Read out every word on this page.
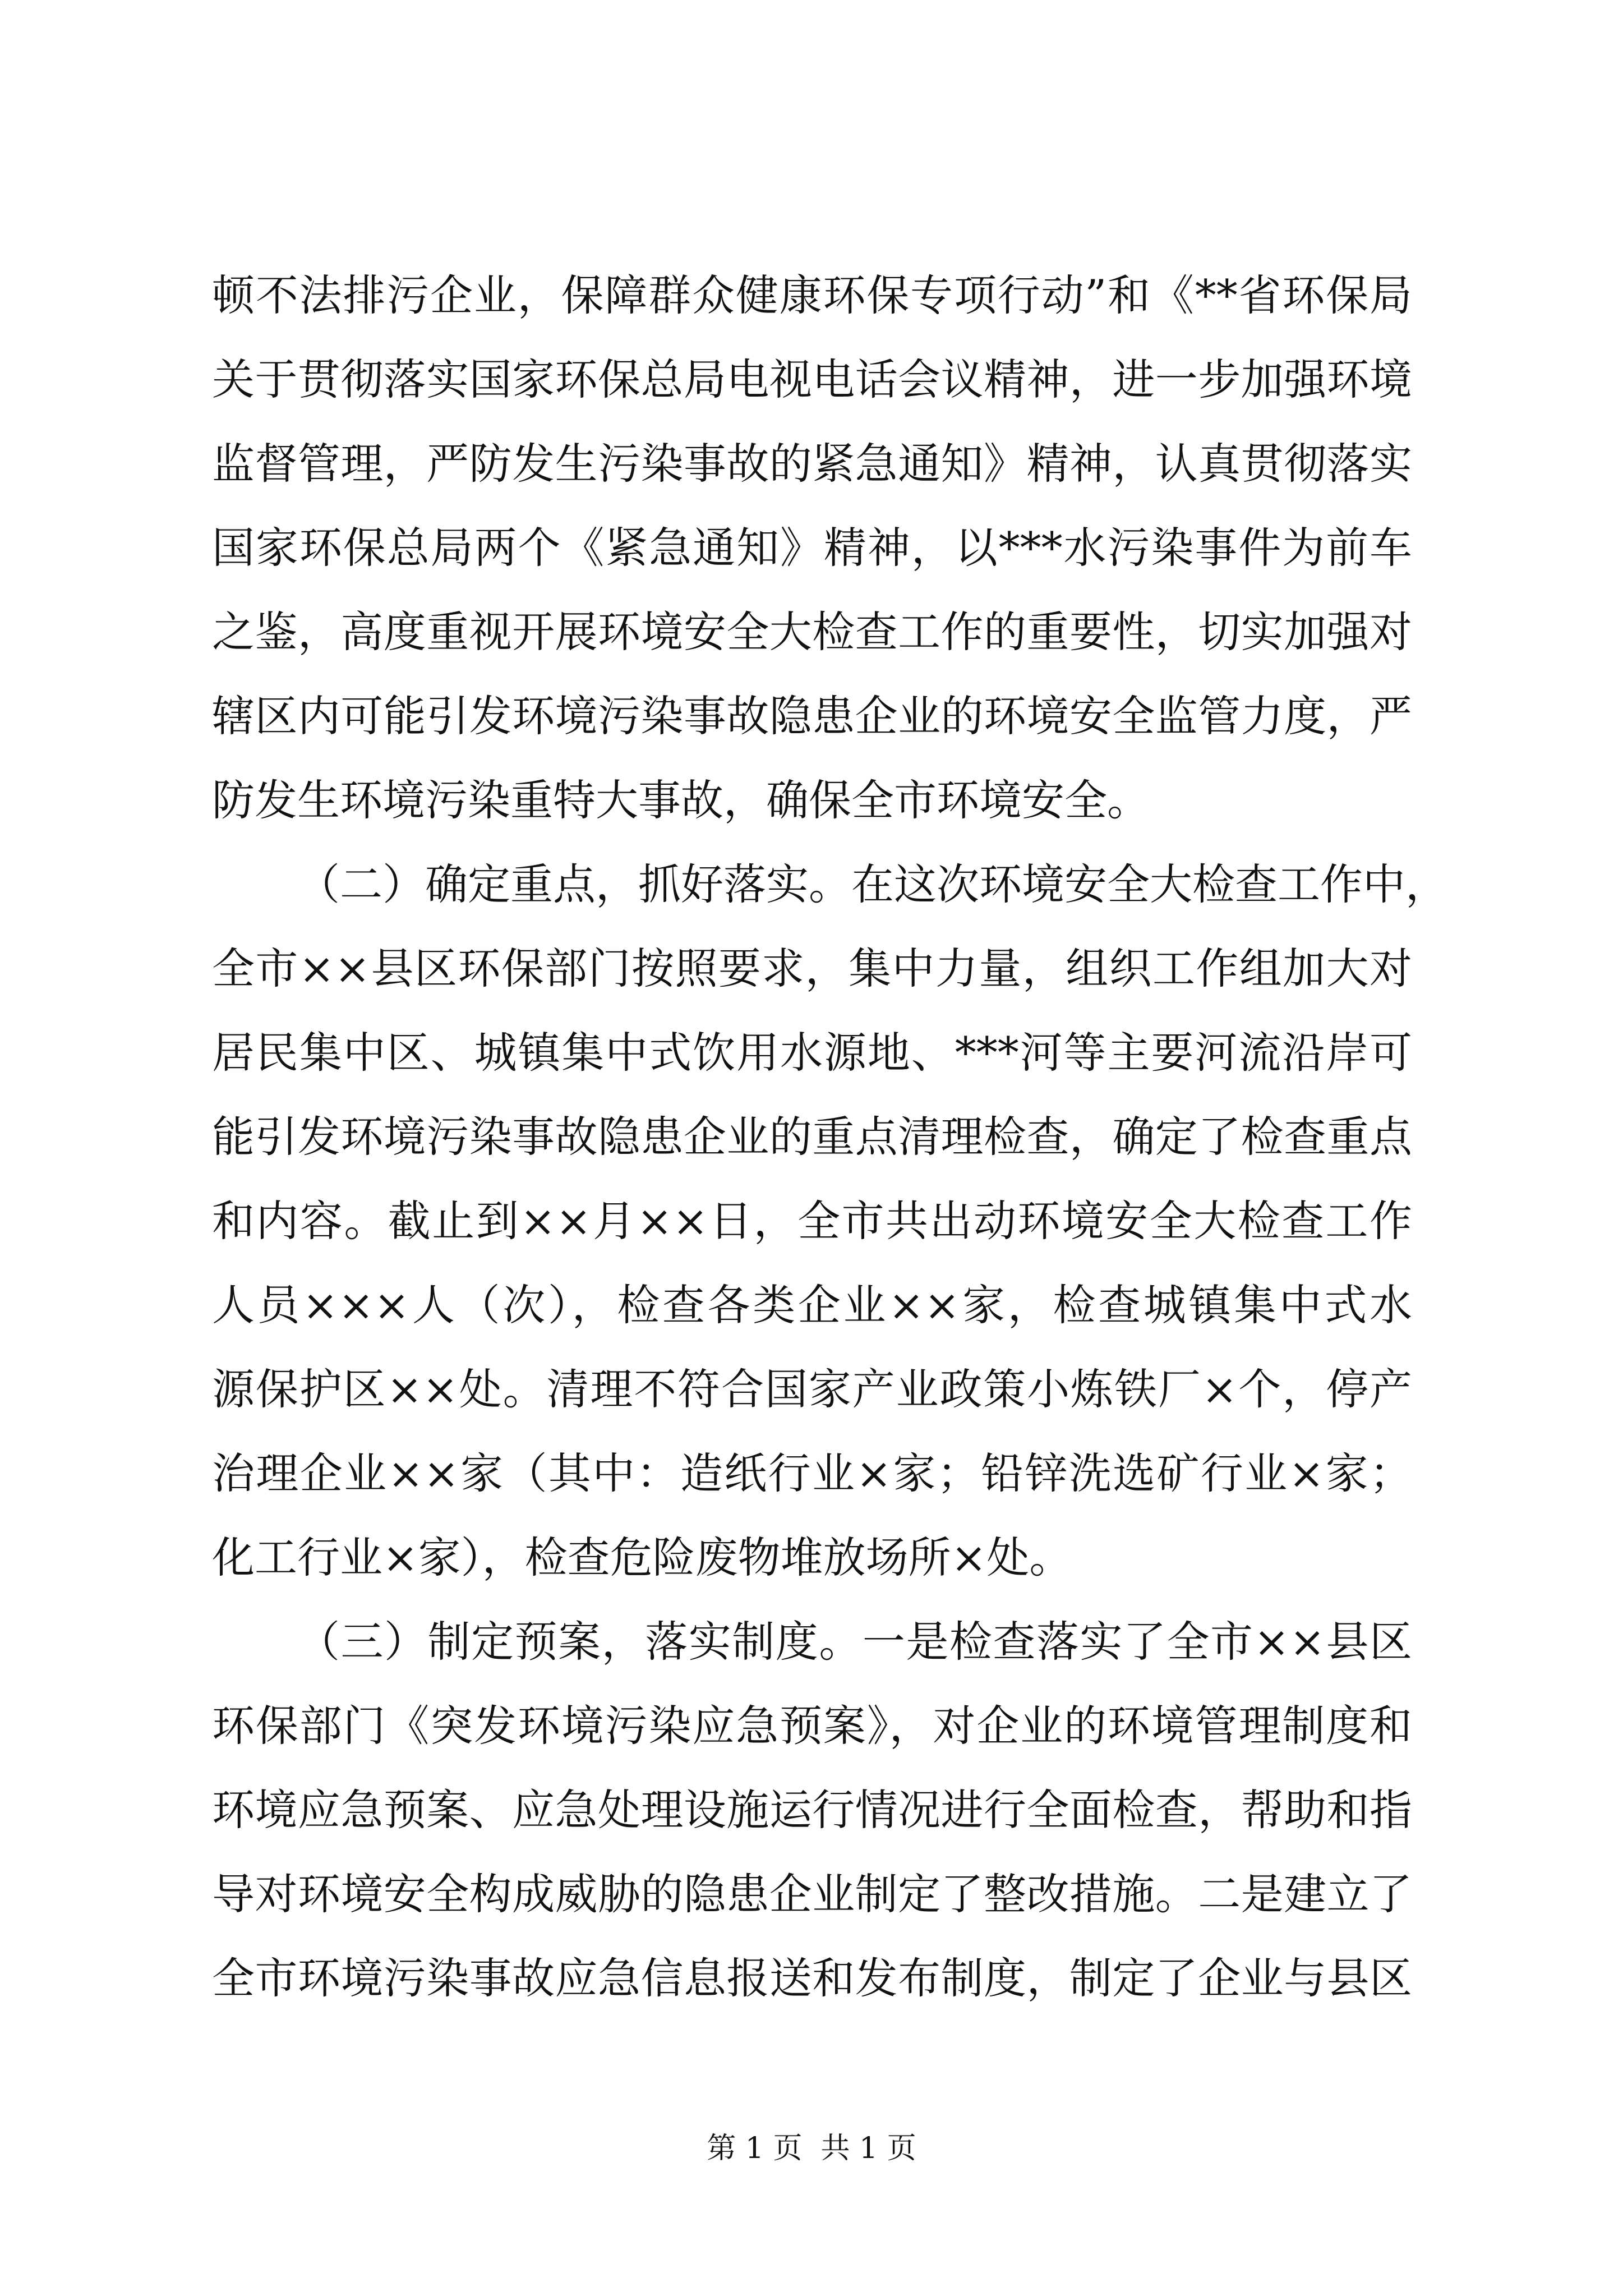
顿不法排污企业，保障群众健康环保专项行动”和《**省环保局
关于贯彻落实国家环保总局电视电话会议精神，进一步加强环境
监督管理，严防发生污染事故的紧急通知》精神，认真贯彻落实
国家环保总局两个《紧急通知》精神，以***水污染事件为前车
之鉴，高度重视开展环境安全大检查工作的重要性，切实加强对
辖区内可能引发环境污染事故隐患企业的环境安全监管力度，严
防发生环境污染重特大事故，确保全市环境安全。
（二）确定重点，抓好落实。在这次环境安全大检查工作中，
全市××县区环保部门按照要求，集中力量，组织工作组加大对
居民集中区、城镇集中式饮用水源地、***河等主要河流沿岸可
能引发环境污染事故隐患企业的重点清理检查，确定了检查重点
和内容。截止到××月××日，全市共出动环境安全大检查工作
人员×××人（次），检查各类企业××家，检查城镇集中式水
源保护区××处。清理不符合国家产业政策小炼铁厂×个，停产
治理企业××家（其中：造纸行业×家；铅锌洗选矿行业×家；
化工行业×家），检查危险废物堆放场所×处。
（三）制定预案，落实制度。一是检查落实了全市××县区
环保部门《突发环境污染应急预案》，对企业的环境管理制度和
环境应急预案、应急处理设施运行情况进行全面检查，帮助和指
导对环境安全构成威胁的隐患企业制定了整改措施。二是建立了
全市环境污染事故应急信息报送和发布制度，制定了企业与县区
第 1 页  共 1 页
